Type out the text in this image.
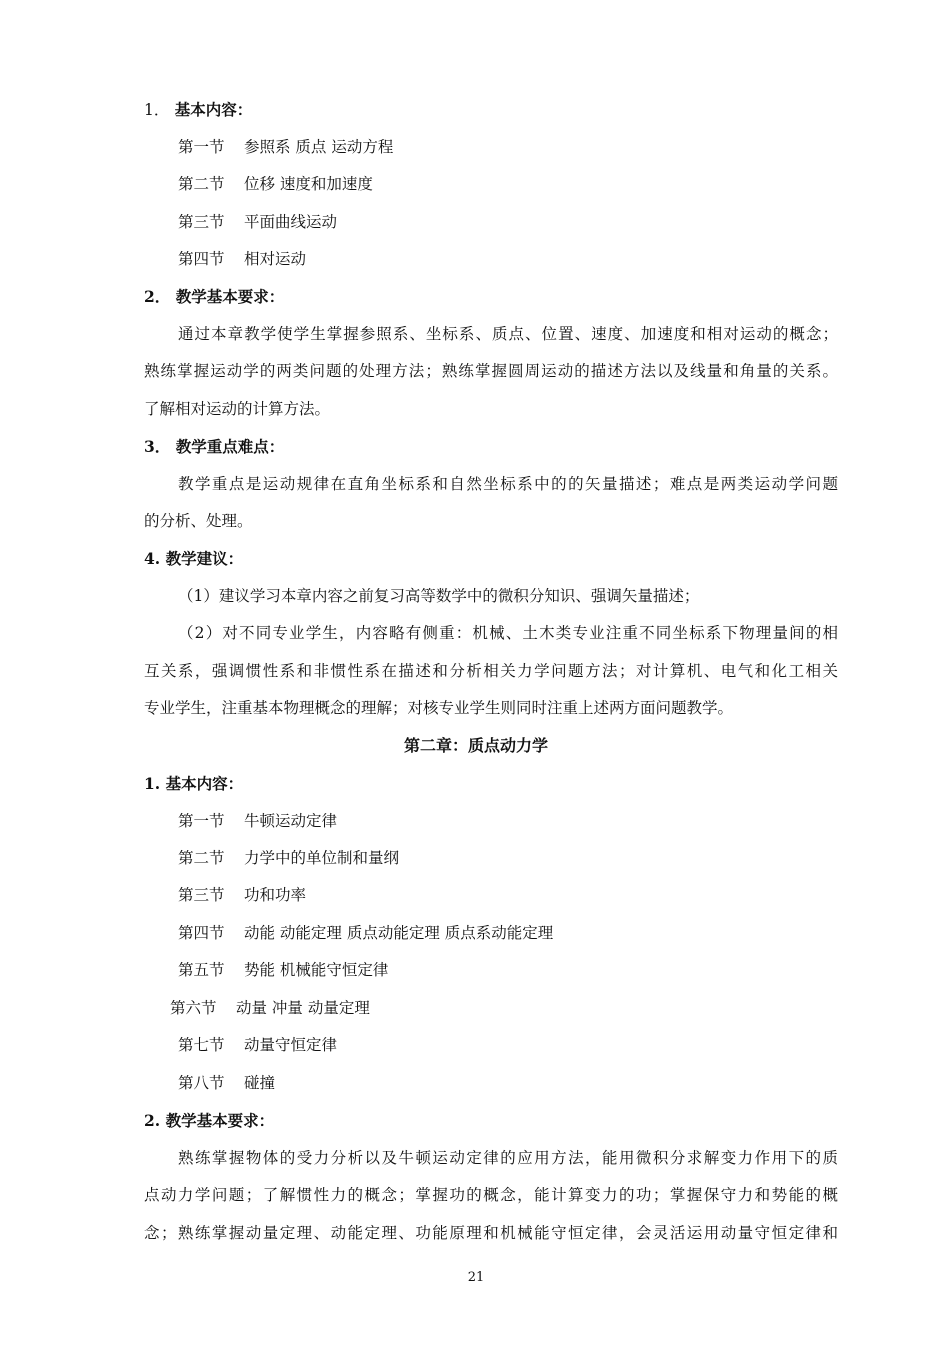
1． 基本内容：
第一节 参照系 质点 运动方程
第二节 位移 速度和加速度
第三节 平面曲线运动
第四节 相对运动
2． 教学基本要求：
通过本章教学使学生掌握参照系、坐标系、质点、位置、速度、加速度和相对运动的概念；
熟练掌握运动学的两类问题的处理方法；熟练掌握圆周运动的描述方法以及线量和角量的关系。
了解相对运动的计算方法。
3． 教学重点难点：
教学重点是运动规律在直角坐标系和自然坐标系中的的矢量描述；难点是两类运动学问题
的分析、处理。
4. 教学建议：
（1）建议学习本章内容之前复习高等数学中的微积分知识、强调矢量描述；
（2）对不同专业学生，内容略有侧重：机械、土木类专业注重不同坐标系下物理量间的相
互关系，强调惯性系和非惯性系在描述和分析相关力学问题方法；对计算机、电气和化工相关
专业学生，注重基本物理概念的理解；对核专业学生则同时注重上述两方面问题教学。
第二章：质点动力学
1. 基本内容：
第一节 牛顿运动定律
第二节 力学中的单位制和量纲
第三节 功和功率
第四节 动能 动能定理 质点动能定理 质点系动能定理
第五节 势能 机械能守恒定律
第六节 动量 冲量 动量定理
第七节 动量守恒定律
第八节 碰撞
2. 教学基本要求：
熟练掌握物体的受力分析以及牛顿运动定律的应用方法，能用微积分求解变力作用下的质
点动力学问题；了解惯性力的概念；掌握功的概念，能计算变力的功；掌握保守力和势能的概
念；熟练掌握动量定理、动能定理、功能原理和机械能守恒定律，会灵活运用动量守恒定律和
21
